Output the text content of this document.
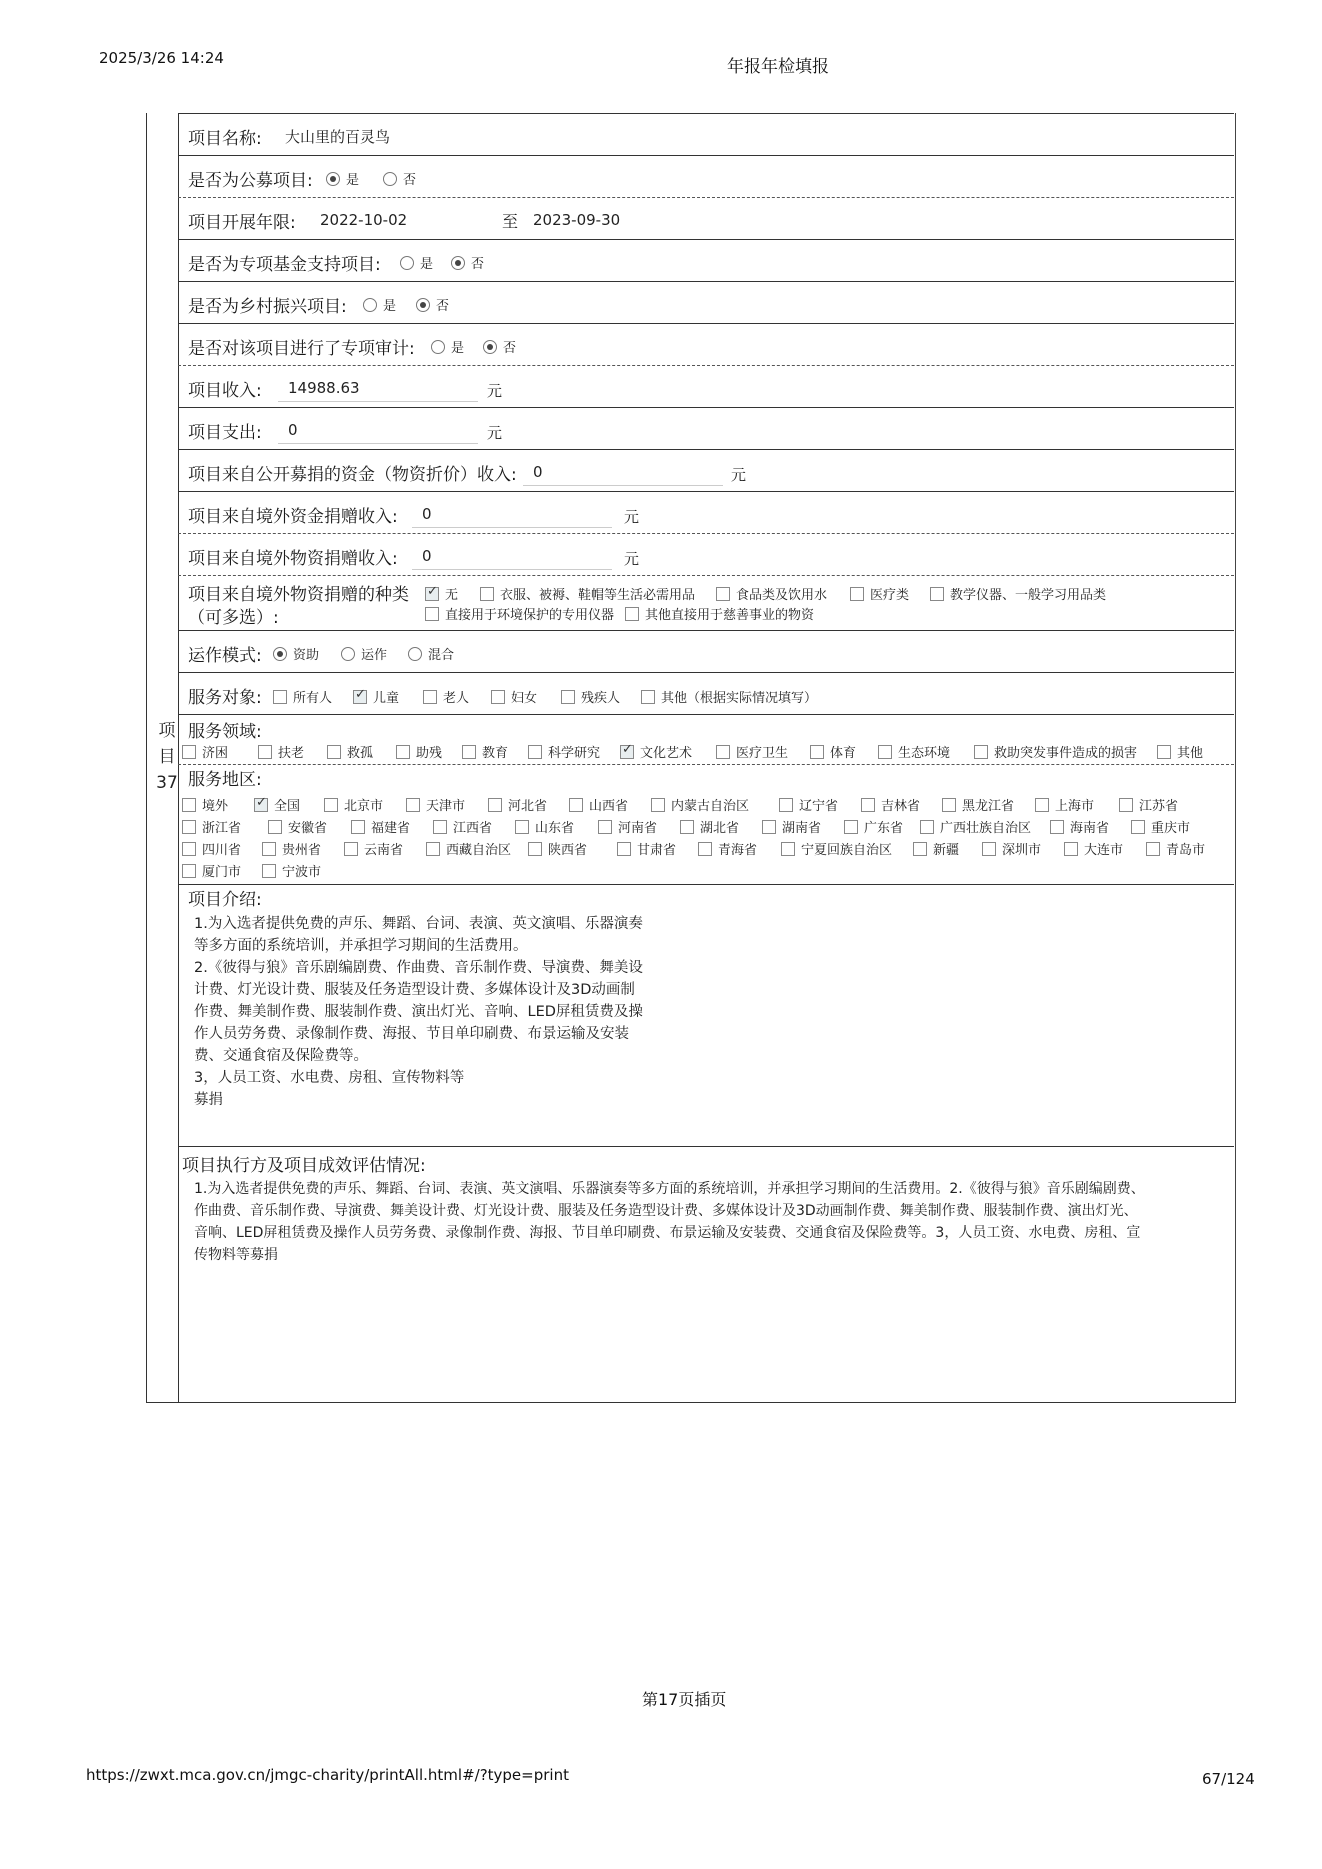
2025/3/26 14:24	年报年检填报
项
目
37
项目名称: 大山里的百灵鸟
是否为公募项目:	是	否
项目开展年限: 2022-10-02	至 2023-09-30
是否为专项基金支持项目:	是	否
是否为乡村振兴项目:	是	否
是否对该项目进行了专项审计:	是	否
项目收入: 14988.63	元
项目支出: 0	元
项目来自公开募捐的资金（物资折价）收入: 0	元
项目来自境外资金捐赠收入: 0	元
项目来自境外物资捐赠收入: 0	元
项目来自境外物资捐赠的种类
（可多选）:
✓
无	衣服、被褥、鞋帽等生活必需用品	食品类及饮用水	医疗类	教学仪器、一般学习用品类
直接用于环境保护的专用仪器 其他直接用于慈善事业的物资
运作模式: 资助	运作	混合
服务对象: 所有人 ✓	儿童	老人	妇女	残疾人	其他（根据实际情况填写）
服务领域:
济困	扶老	救孤	助残	教育	科学研究 ✓	文化艺术	医疗卫生	体育	生态环境	救助突发事件造成的损害	其他
服务地区:
境外 ✓	全国	北京市	天津市	河北省	山西省	内蒙古自治区	辽宁省	吉林省	黑龙江省	上海市	江苏省
浙江省	安徽省	福建省	江西省	山东省	河南省	湖北省	湖南省	广东省	广西壮族自治区	海南省	重庆市
四川省	贵州省	云南省	西藏自治区	陕西省	甘肃省	青海省	宁夏回族自治区	新疆	深圳市	大连市	青岛市
厦门市	宁波市
项目介绍:
1.为入选者提供免费的声乐、舞蹈、台词、表演、英文演唱、乐器演奏
等多方面的系统培训，并承担学习期间的生活费用。
2.《彼得与狼》音乐剧编剧费、作曲费、音乐制作费、导演费、舞美设
计费、灯光设计费、服装及任务造型设计费、多媒体设计及3D动画制
作费、舞美制作费、服装制作费、演出灯光、音响、LED屏租赁费及操
作人员劳务费、录像制作费、海报、节目单印刷费、布景运输及安装
费、交通食宿及保险费等。
3，人员工资、水电费、房租、宣传物料等
募捐
项目执行方及项目成效评估情况:
1.为入选者提供免费的声乐、舞蹈、台词、表演、英文演唱、乐器演奏等多方面的系统培训，并承担学习期间的生活费用。2.《彼得与狼》音乐剧编剧费、
作曲费、音乐制作费、导演费、舞美设计费、灯光设计费、服装及任务造型设计费、多媒体设计及3D动画制作费、舞美制作费、服装制作费、演出灯光、
音响、LED屏租赁费及操作人员劳务费、录像制作费、海报、节目单印刷费、布景运输及安装费、交通食宿及保险费等。3，人员工资、水电费、房租、宣
传物料等募捐
第17页插页
https://zwxt.mca.gov.cn/jmgc-charity/printAll.html#/?type=print	67/124
